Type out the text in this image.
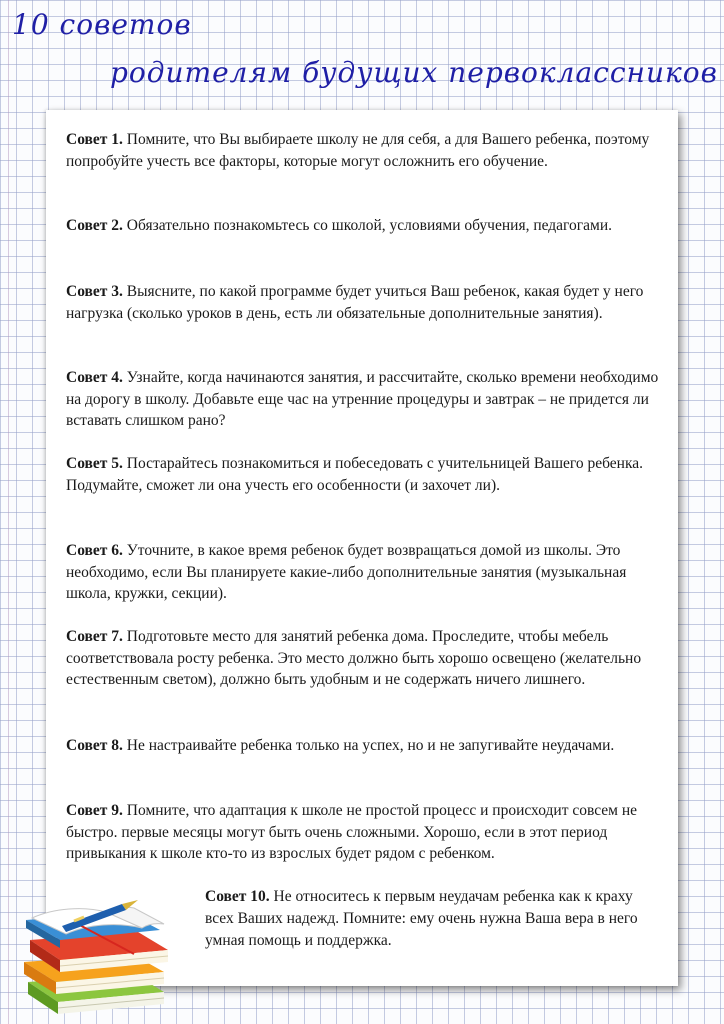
10 советов
родителям будущих первоклассников
Совет 1. Помните, что Вы выбираете школу не для себя, а для Вашего ребенка, поэтому попробуйте учесть все факторы, которые могут осложнить его обучение.
Совет 2. Обязательно познакомьтесь со школой, условиями обучения, педагогами.
Совет 3. Выясните, по какой программе будет учиться Ваш ребенок, какая будет у него нагрузка (сколько уроков в день, есть ли обязательные дополнительные занятия).
Совет 4. Узнайте, когда начинаются занятия, и рассчитайте, сколько времени необходимо на дорогу в школу. Добавьте еще час на утренние процедуры и завтрак – не придется ли вставать слишком рано?
Совет 5. Постарайтесь познакомиться и побеседовать с учительницей Вашего ребенка. Подумайте, сможет ли она учесть его особенности (и захочет ли).
Совет 6. Уточните, в какое время ребенок будет возвращаться домой из школы. Это необходимо, если Вы планируете какие-либо дополнительные занятия (музыкальная школа, кружки, секции).
Совет 7. Подготовьте место для занятий ребенка дома. Проследите, чтобы мебель соответствовала росту ребенка. Это место должно быть хорошо освещено (желательно естественным светом), должно быть удобным и не содержать ничего лишнего.
Совет 8. Не настраивайте ребенка только на успех, но и не запугивайте неудачами.
Совет 9. Помните, что адаптация к школе не простой процесс и происходит совсем не быстро. первые месяцы могут быть очень сложными. Хорошо, если в этот период привыкания к школе кто-то из взрослых будет рядом с ребенком.
Совет 10. Не относитесь к первым неудачам ребенка как к краху всех Ваших надежд. Помните: ему очень нужна Ваша вера в него умная помощь и поддержка.
